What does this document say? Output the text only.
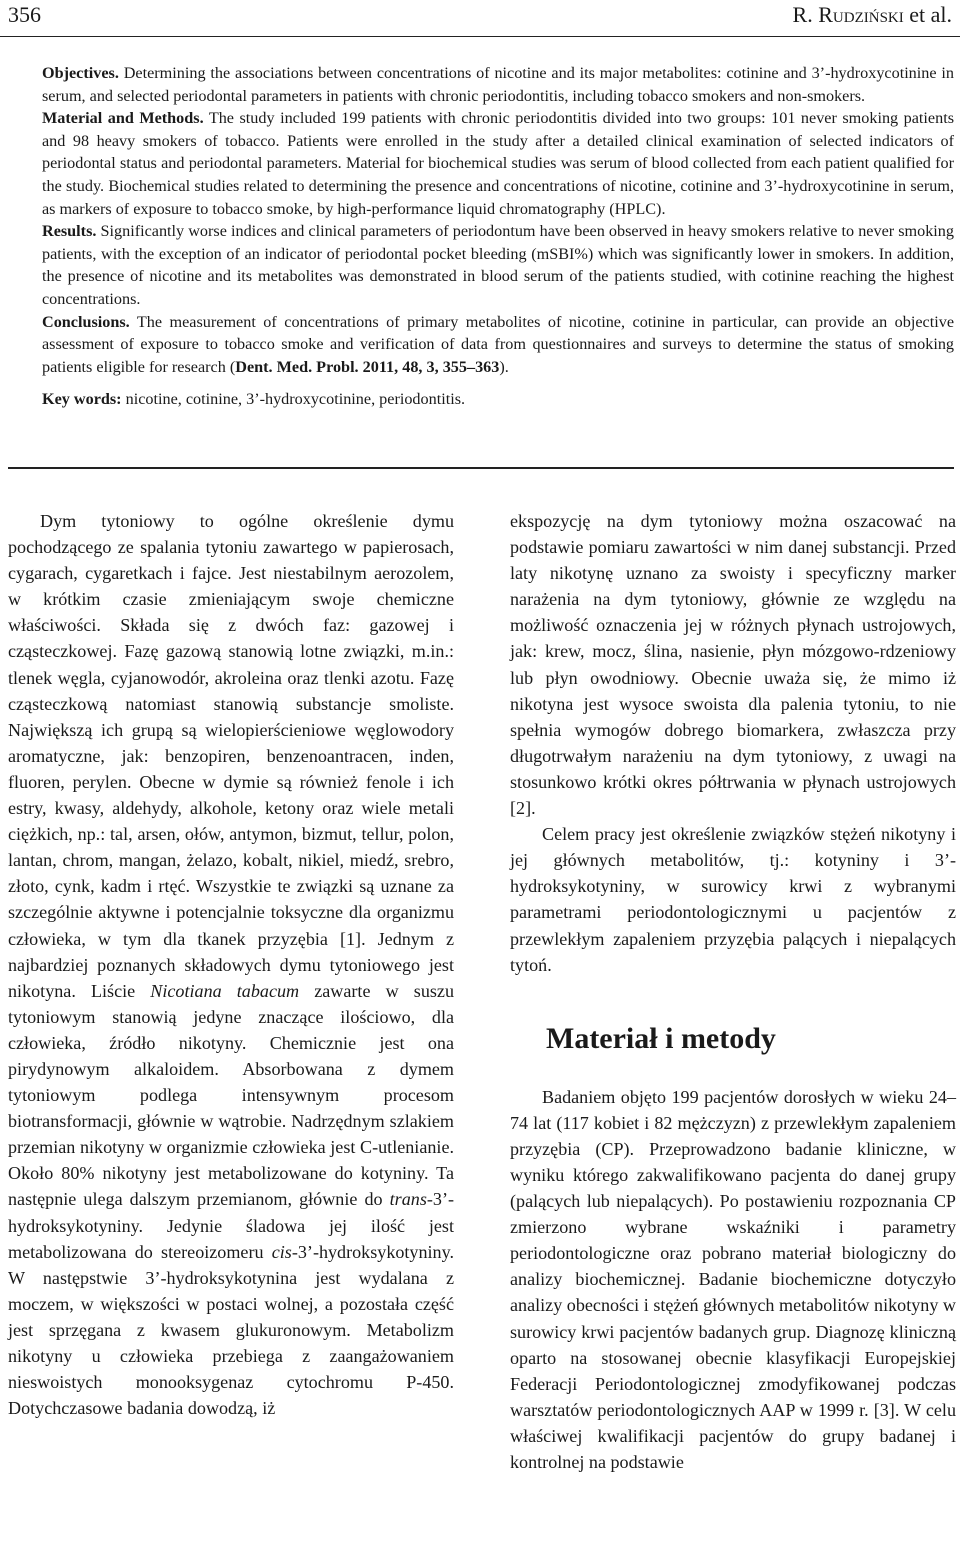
356	R. Rudziński et al.

Objectives. Determining the associations between concentrations of nicotine and its major metabolites: cotinine and 3’-hydroxycotinine in serum, and selected periodontal parameters in patients with chronic periodontitis, including tobacco smokers and non-smokers.

Material and Methods. The study included 199 patients with chronic periodontitis divided into two groups: 101 never smoking patients and 98 heavy smokers of tobacco. Patients were enrolled in the study after a detailed clinical examination of selected indicators of periodontal status and periodontal parameters. Material for biochemical studies was serum of blood collected from each patient qualified for the study. Biochemical studies related to determining the presence and concentrations of nicotine, cotinine and 3’-hydroxycotinine in serum, as markers of exposure to tobacco smoke, by high-performance liquid chromatography (HPLC).

Results. Significantly worse indices and clinical parameters of periodontum have been observed in heavy smokers relative to never smoking patients, with the exception of an indicator of periodontal pocket bleeding (mSBI%) which was significantly lower in smokers. In addition, the presence of nicotine and its metabolites was demonstrated in blood serum of the patients studied, with cotinine reaching the highest concentrations.

Conclusions. The measurement of concentrations of primary metabolites of nicotine, cotinine in particular, can provide an objective assessment of exposure to tobacco smoke and verification of data from questionnaires and surveys to determine the status of smoking patients eligible for research (Dent. Med. Probl. 2011, 48, 3, 355–363).

Key words: nicotine, cotinine, 3’-hydroxycotinine, periodontitis.

Dym tytoniowy to ogólne określenie dymu pochodzącego ze spalania tytoniu zawartego w papierosach, cygarach, cygaretkach i fajce. Jest niestabilnym aerozolem, w krótkim czasie zmieniającym swoje chemiczne właściwości. Składa się z dwóch faz: gazowej i cząsteczkowej. Fazę gazową stanowią lotne związki, m.in.: tlenek węgla, cyjanowodór, akroleina oraz tlenki azotu. Fazę cząsteczkową natomiast stanowią substancje smoliste. Największą ich grupą są wielopierścieniowe węglowodory aromatyczne, jak: benzopiren, benzenoantracen, inden, fluoren, perylen. Obecne w dymie są również fenole i ich estry, kwasy, aldehydy, alkohole, ketony oraz wiele metali ciężkich, np.: tal, arsen, ołów, antymon, bizmut, tellur, polon, lantan, chrom, mangan, żelazo, kobalt, nikiel, miedź, srebro, złoto, cynk, kadm i rtęć. Wszystkie te związki są uznane za szczególnie aktywne i potencjalnie toksyczne dla organizmu człowieka, w tym dla tkanek przyzębia [1]. Jednym z najbardziej poznanych składowych dymu tytoniowego jest nikotyna. Liście Nicotiana tabacum zawarte w suszu tytoniowym stanowią jedyne znaczące ilościowo, dla człowieka, źródło nikotyny. Chemicznie jest ona pirydynowym alkaloidem. Absorbowana z dymem tytoniowym podlega intensywnym procesom biotransformacji, głównie w wątrobie. Nadrzędnym szlakiem przemian nikotyny w organizmie człowieka jest C-utlenianie. Około 80% nikotyny jest metabolizowane do kotyniny. Ta następnie ulega dalszym przemianom, głównie do trans-3’-hydroksykotyniny. Jedynie śladowa jej ilość jest metabolizowana do stereoizomeru cis-3’-hydroksykotyniny. W następstwie 3’-hydroksykotynina jest wydalana z moczem, w większości w postaci wolnej, a pozostała część jest sprzęgana z kwasem glukuronowym. Metabolizm nikotyny u człowieka przebiega z zaangażowaniem nieswoistych monooksygenaz cytochromu P-450. Dotychczasowe badania dowodzą, iż

ekspozycję na dym tytoniowy można oszacować na podstawie pomiaru zawartości w nim danej substancji. Przed laty nikotynę uznano za swoisty i specyficzny marker narażenia na dym tytoniowy, głównie ze względu na możliwość oznaczenia jej w różnych płynach ustrojowych, jak: krew, mocz, ślina, nasienie, płyn mózgowo-rdzeniowy lub płyn owodniowy. Obecnie uważa się, że mimo iż nikotyna jest wysoce swoista dla palenia tytoniu, to nie spełnia wymogów dobrego biomarkera, zwłaszcza przy długotrwałym narażeniu na dym tytoniowy, z uwagi na stosunkowo krótki okres półtrwania w płynach ustrojowych [2].

Celem pracy jest określenie związków stężeń nikotyny i jej głównych metabolitów, tj.: kotyniny i 3’-hydroksykotyniny, w surowicy krwi z wybranymi parametrami periodontologicznymi u pacjentów z przewlekłym zapaleniem przyzębia palących i niepalących tytoń.

Materiał i metody

Badaniem objęto 199 pacjentów dorosłych w wieku 24–74 lat (117 kobiet i 82 mężczyzn) z przewlekłym zapaleniem przyzębia (CP). Przeprowadzono badanie kliniczne, w wyniku którego zakwalifikowano pacjenta do danej grupy (palących lub niepalących). Po postawieniu rozpoznania CP zmierzono wybrane wskaźniki i parametry periodontologiczne oraz pobrano materiał biologiczny do analizy biochemicznej. Badanie biochemiczne dotyczyło analizy obecności i stężeń głównych metabolitów nikotyny w surowicy krwi pacjentów badanych grup. Diagnozę kliniczną oparto na stosowanej obecnie klasyfikacji Europejskiej Federacji Periodontologicznej zmodyfikowanej podczas warsztatów periodontologicznych AAP w 1999 r. [3]. W celu właściwej kwalifikacji pacjentów do grupy badanej i kontrolnej na podstawie
